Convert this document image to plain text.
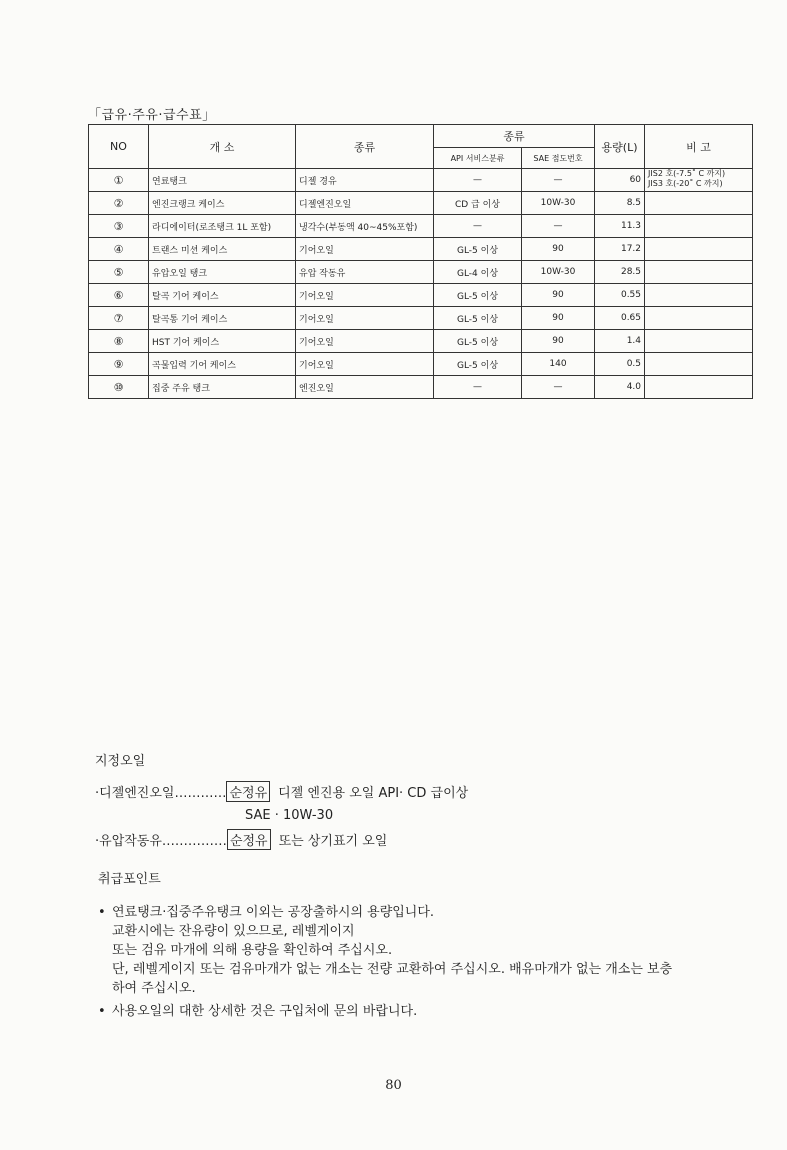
「급유·주유·급수표」
NO	개 소	종류	종류		용량(L)	비 고
			API 서비스분류	SAE 점도번호		
①	연료탱크	디젤 경유	—	—	60	JIS2 호(-7.5˚ C 까지)
JIS3 호(-20˚ C 까지)

②	엔진크랭크 케이스	디젤엔진오일	CD 급 이상	10W-30	8.5	
③	라디에이터(로조탱크 1L 포함)	냉각수(부동액 40~45%포함)	—	—	11.3	
④	트랜스 미션 케이스	기어오일	GL-5 이상	90	17.2	
⑤	유압오일 탱크	유압 작동유	GL-4 이상	10W-30	28.5	
⑥	탈곡 기어 케이스	기어오일	GL-5 이상	90	0.55	
⑦	탈곡통 기어 케이스	기어오일	GL-5 이상	90	0.65	
⑧	HST 기어 케이스	기어오일	GL-5 이상	90	1.4	
⑨	곡물입력 기어 케이스	기어오일	GL-5 이상	140	0.5	
⑩	집중 주유 탱크	엔진오일	—	—	4.0	
지정오일
·디젤엔진오일………… 순정유 디젤 엔진용 오일 API· CD 급이상
SAE · 10W-30
·유압작동유…………… 순정유 또는 상기표기 오일
취급포인트
• 연료탱크·집중주유탱크 이외는 공장출하시의 용량입니다.
교환시에는 잔유량이 있으므로, 레벨게이지
또는 검유 마개에 의해 용량을 확인하여 주십시오.
단, 레벨게이지 또는 검유마개가 없는 개소는 전량 교환하여 주십시오. 배유마개가 없는 개소는 보충
하여 주십시오.
• 사용오일의 대한 상세한 것은 구입처에 문의 바랍니다.
80
